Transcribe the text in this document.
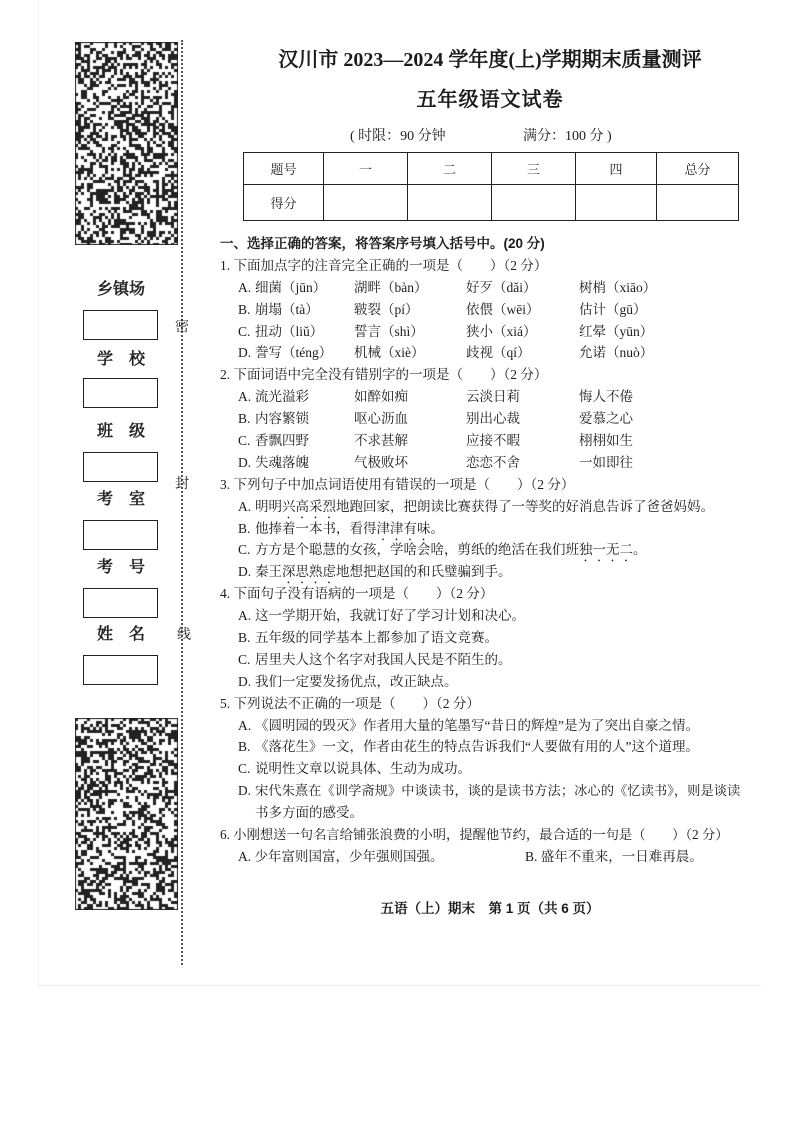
密
封
线
乡镇场
学　校
班　级
考　室
考　号
姓　名
汉川市 2023—2024 学年度(上)学期期末质量测评
五年级语文试卷
( 时限：90 分钟	满分：100 分 )
题号	一	二	三	四	总分
得分					
一、选择正确的答案，将答案序号填入括号中。(20 分)
1. 下面加点字的注音完全正确的一项是（　　）（2 分）
A. 细菌（jūn）	湖畔（bàn）	好歹（dǎi）	树梢（xiāo）
B. 崩塌（tà）	皲裂（pí）	依偎（wēi）	估计（gū）
C. 扭动（liǔ）	誓言（shì）	狭小（xiá）	红晕（yūn）
D. 誊写（téng）	机械（xiè）	歧视（qí）	允诺（nuò）
2. 下面词语中完全没有错别字的一项是（　　）（2 分）
A. 流光溢彩	如醉如痴	云淡日莉	悔人不倦
B. 内容繁锁	呕心沥血	别出心裁	爱慕之心
C. 香飘四野	不求甚解	应接不暇	栩栩如生
D. 失魂落魄	气极败坏	恋恋不舍	一如即往
3. 下列句子中加点词语使用有错误的一项是（　　）（2 分）
A. 明明兴高采烈地跑回家，把朗读比赛获得了一等奖的好消息告诉了爸爸妈妈。
B. 他捧着一本书，看得津津有味。
C. 方方是个聪慧的女孩，学啥会啥，剪纸的绝活在我们班独一无二。
D. 秦王深思熟虑地想把赵国的和氏璧骗到手。
4. 下面句子没有语病的一项是（　　）（2 分）
A. 这一学期开始，我就订好了学习计划和决心。
B. 五年级的同学基本上都参加了语文竞赛。
C. 居里夫人这个名字对我国人民是不陌生的。
D. 我们一定要发扬优点，改正缺点。
5. 下列说法不正确的一项是（　　）（2 分）
A. 《圆明园的毁灭》作者用大量的笔墨写“昔日的辉煌”是为了突出自豪之情。
B. 《落花生》一文，作者由花生的特点告诉我们“人要做有用的人”这个道理。
C. 说明性文章以说具体、生动为成功。
D. 宋代朱熹在《训学斋规》中谈读书，谈的是读书方法；冰心的《忆读书》，则是谈读
书多方面的感受。
6. 小刚想送一句名言给铺张浪费的小明，提醒他节约，最合适的一句是（　　）（2 分）
A. 少年富则国富，少年强则国强。	B. 盛年不重来，一日难再晨。
五语（上）期末　第 1 页（共 6 页）
